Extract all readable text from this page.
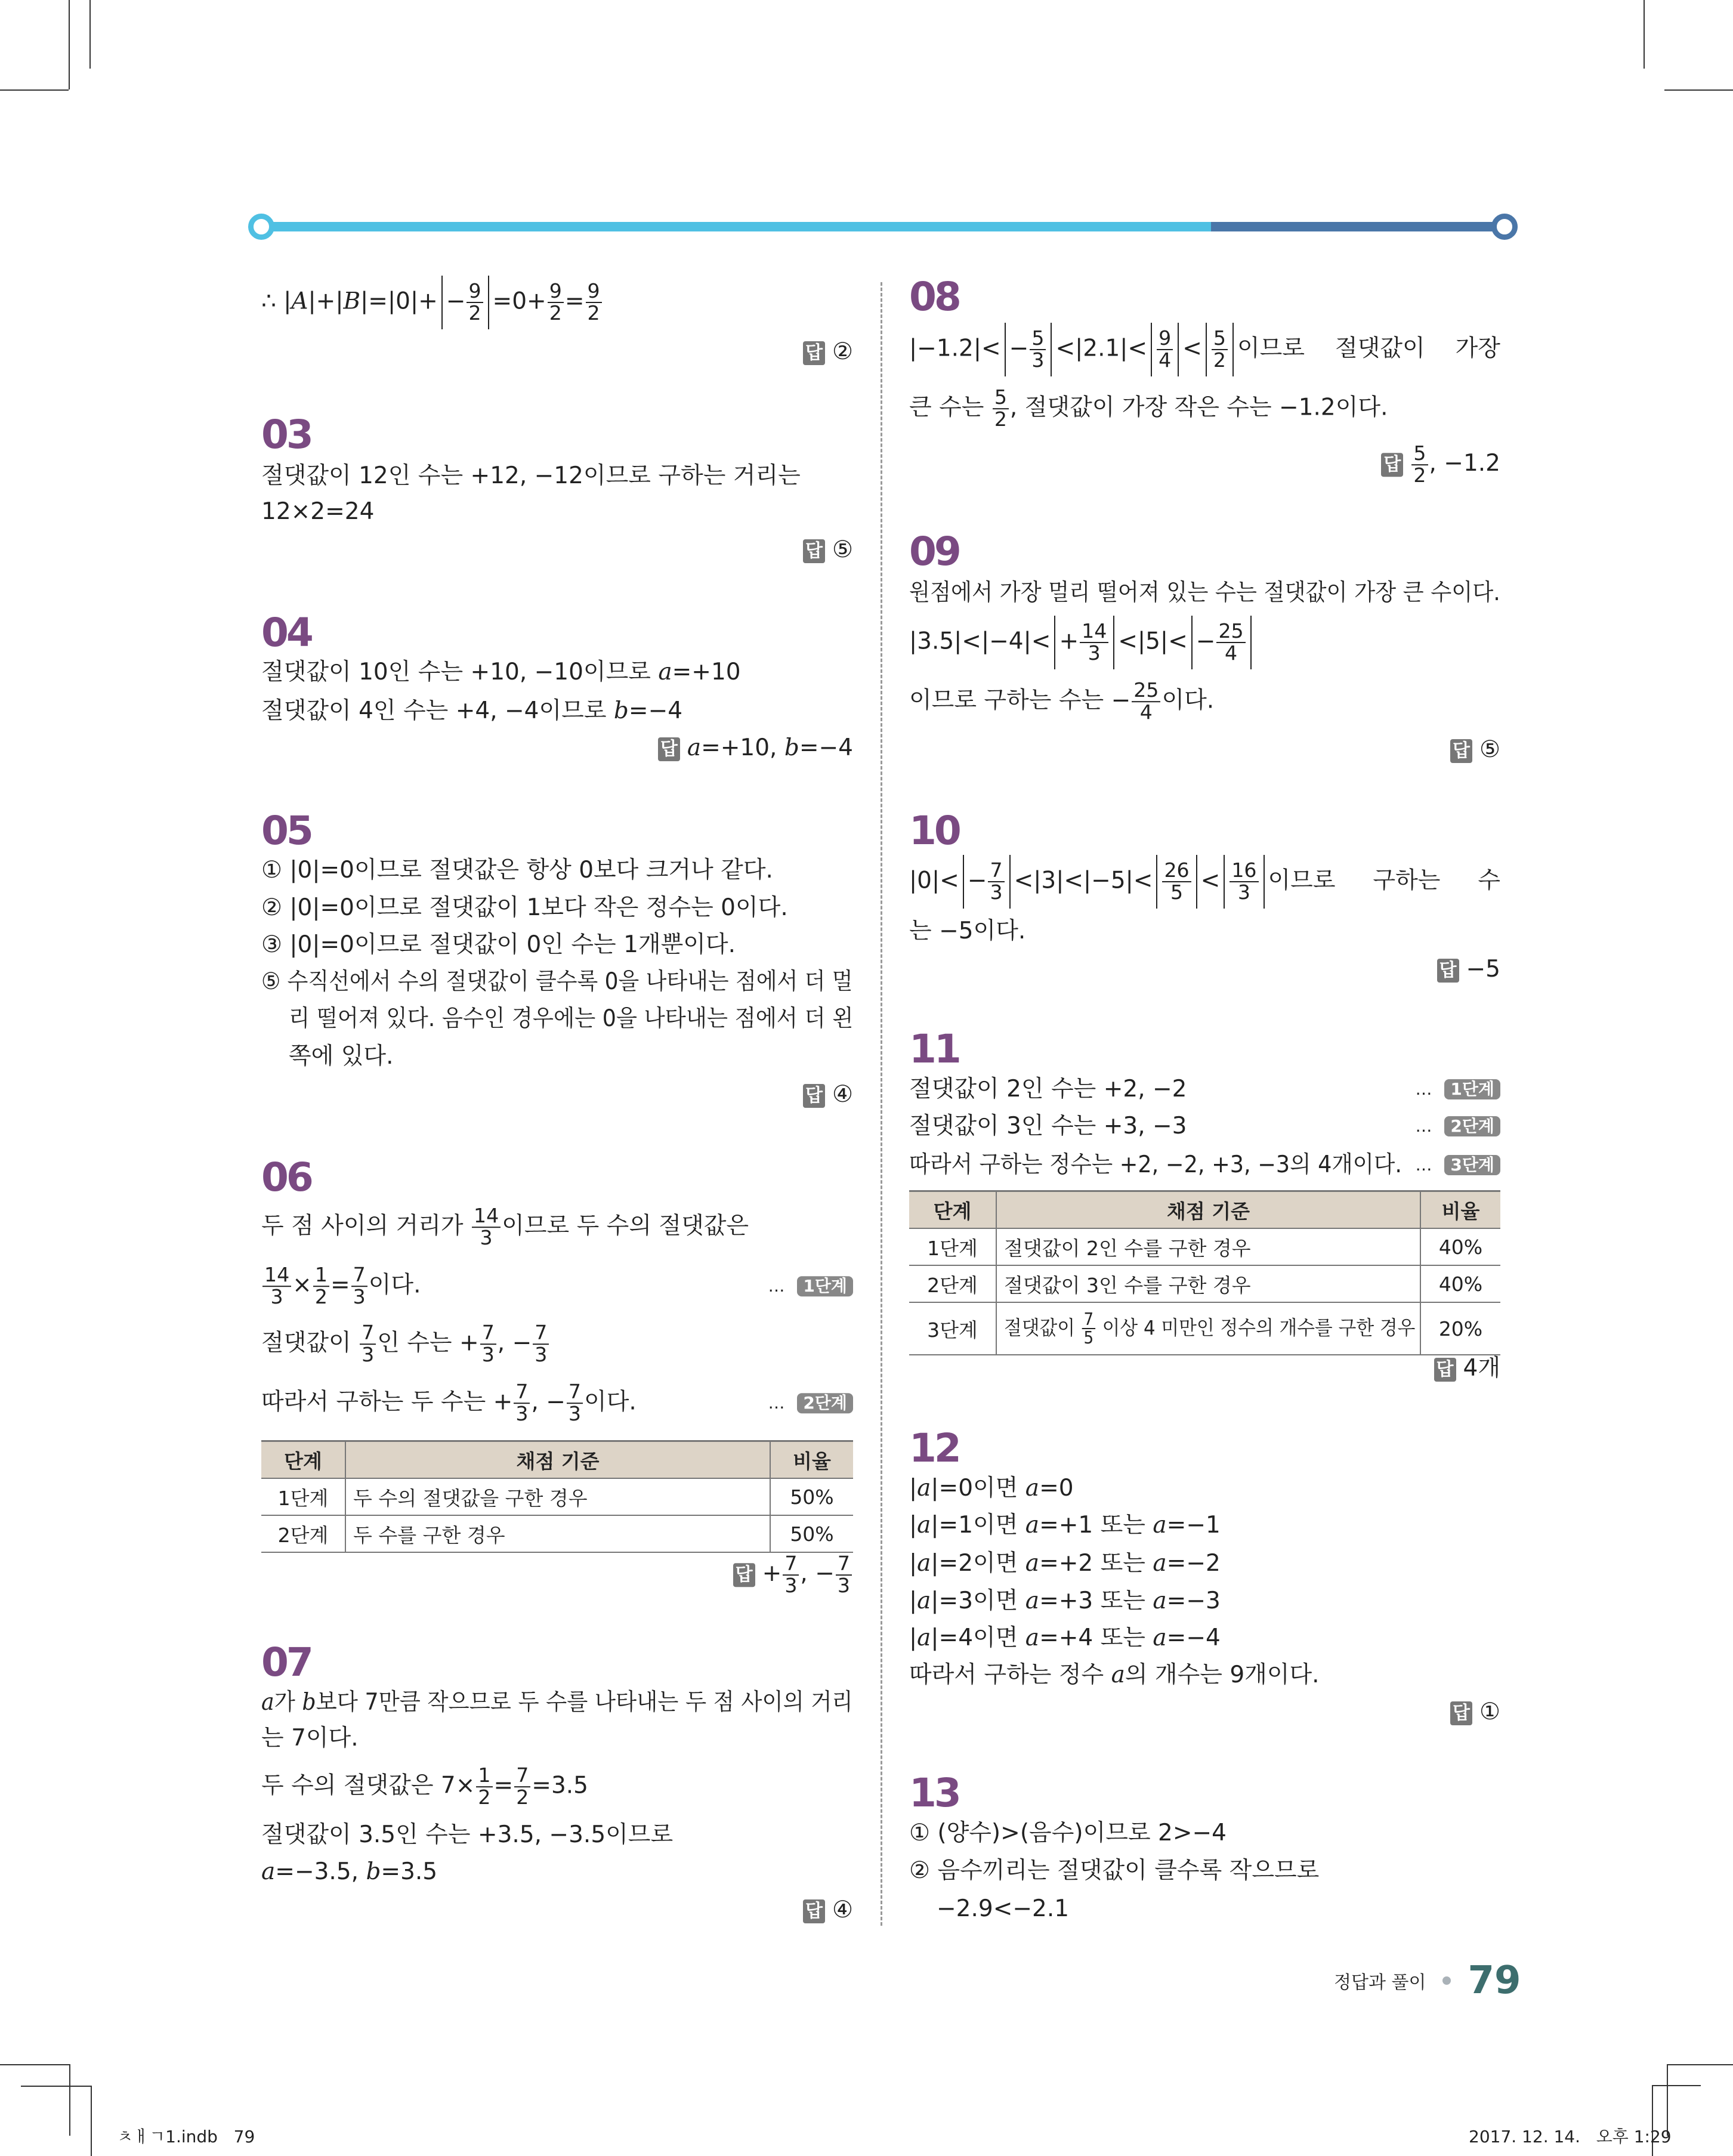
∴ $|A|+|B|=|0|+ - \frac{9}{2} =0+ \frac{9}{2} = \frac{9}{2}$
답 ②
03
절댓값이 12인 수는 +12, −12이므로 구하는 거리는
12×2=24
답 ⑤
04
절댓값이 10인 수는 +10, −10이므로 a=+10
절댓값이 4인 수는 +4, −4이므로 b=−4
답 a=+10, b=−4
05
① |0|=0이므로 절댓값은 항상 0보다 크거나 같다.
② |0|=0이므로 절댓값이 1보다 작은 정수는 0이다.
③ |0|=0이므로 절댓값이 0인 수는 1개뿐이다.
⑤ 수직선에서 수의 절댓값이 클수록 0을 나타내는 점에서 더 멀
리 떨어져 있다. 음수인 경우에는 0을 나타내는 점에서 더 왼
쪽에 있다.
답 ④
06
두 점 사이의 거리가 $\frac{14}{3}$ 이므로 두 수의 절댓값은
$\frac{14}{3} \times \frac{1}{2} = \frac{7}{3}$ 이다.	… 1단계
절댓값이 $\frac{7}{3}$ 인 수는 + $\frac{7}{3}$ , − $\frac{7}{3}$
따라서 구하는 두 수는 + $\frac{7}{3}$ , − $\frac{7}{3}$ 이다.	… 2단계
단계	채점 기준	비율
1단계	두 수의 절댓값을 구한 경우	50%
2단계	두 수를 구한 경우	50%
답 + $\frac{7}{3}$ , − $\frac{7}{3}$
07
a가 b보다 7만큼 작으므로 두 수를 나타내는 두 점 사이의 거리
는 7이다.
두 수의 절댓값은 $7\times \frac{1}{2} = \frac{7}{2} =3.5$
절댓값이 3.5인 수는 +3.5, −3.5이므로
a=−3.5, b=3.5
답 ④
08
$|-1.2|< - \frac{5}{3} <|2.1|< \frac{9}{4} < \frac{5}{2}$ 이므로 절댓값이 가장
큰 수는 $\frac{5}{2}$ , 절댓값이 가장 작은 수는 −1.2이다.
답 $\frac{5}{2}$ , −1.2
09
원점에서 가장 멀리 떨어져 있는 수는 절댓값이 가장 큰 수이다.
$|3.5|<|-4|< + \frac{14}{3} <|5|< - \frac{25}{4}$
이므로 구하는 수는 − $\frac{25}{4}$ 이다.
답 ⑤
10
$|0|< - \frac{7}{3} <|3|<|-5|< \frac{26}{5} < \frac{16}{3}$ 이므로 구하는 수
는 −5이다.
답 −5
11
절댓값이 2인 수는 +2, −2	… 1단계
절댓값이 3인 수는 +3, −3	… 2단계
따라서 구하는 정수는 +2, −2, +3, −3의 4개이다. … 3단계
단계	채점 기준	비율
1단계	절댓값이 2인 수를 구한 경우	40%
2단계	절댓값이 3인 수를 구한 경우	40%
3단계	절댓값이 $\frac{7}{5}$ 이상 4 미만인 정수의 개수를 구한 경우	20%
답 4개
12
|a|=0이면 a=0
|a|=1이면 a=+1 또는 a=−1
|a|=2이면 a=+2 또는 a=−2
|a|=3이면 a=+3 또는 a=−3
|a|=4이면 a=+4 또는 a=−4
따라서 구하는 정수 a의 개수는 9개이다.
답 ①
13
① (양수)>(음수)이므로 2>−4
② 음수끼리는 절댓값이 클수록 작으므로
−2.9<−2.1
정답과 풀이 79
ㅊㅐㄱ1.indb   79	2017. 12. 14.   오후 1:29
